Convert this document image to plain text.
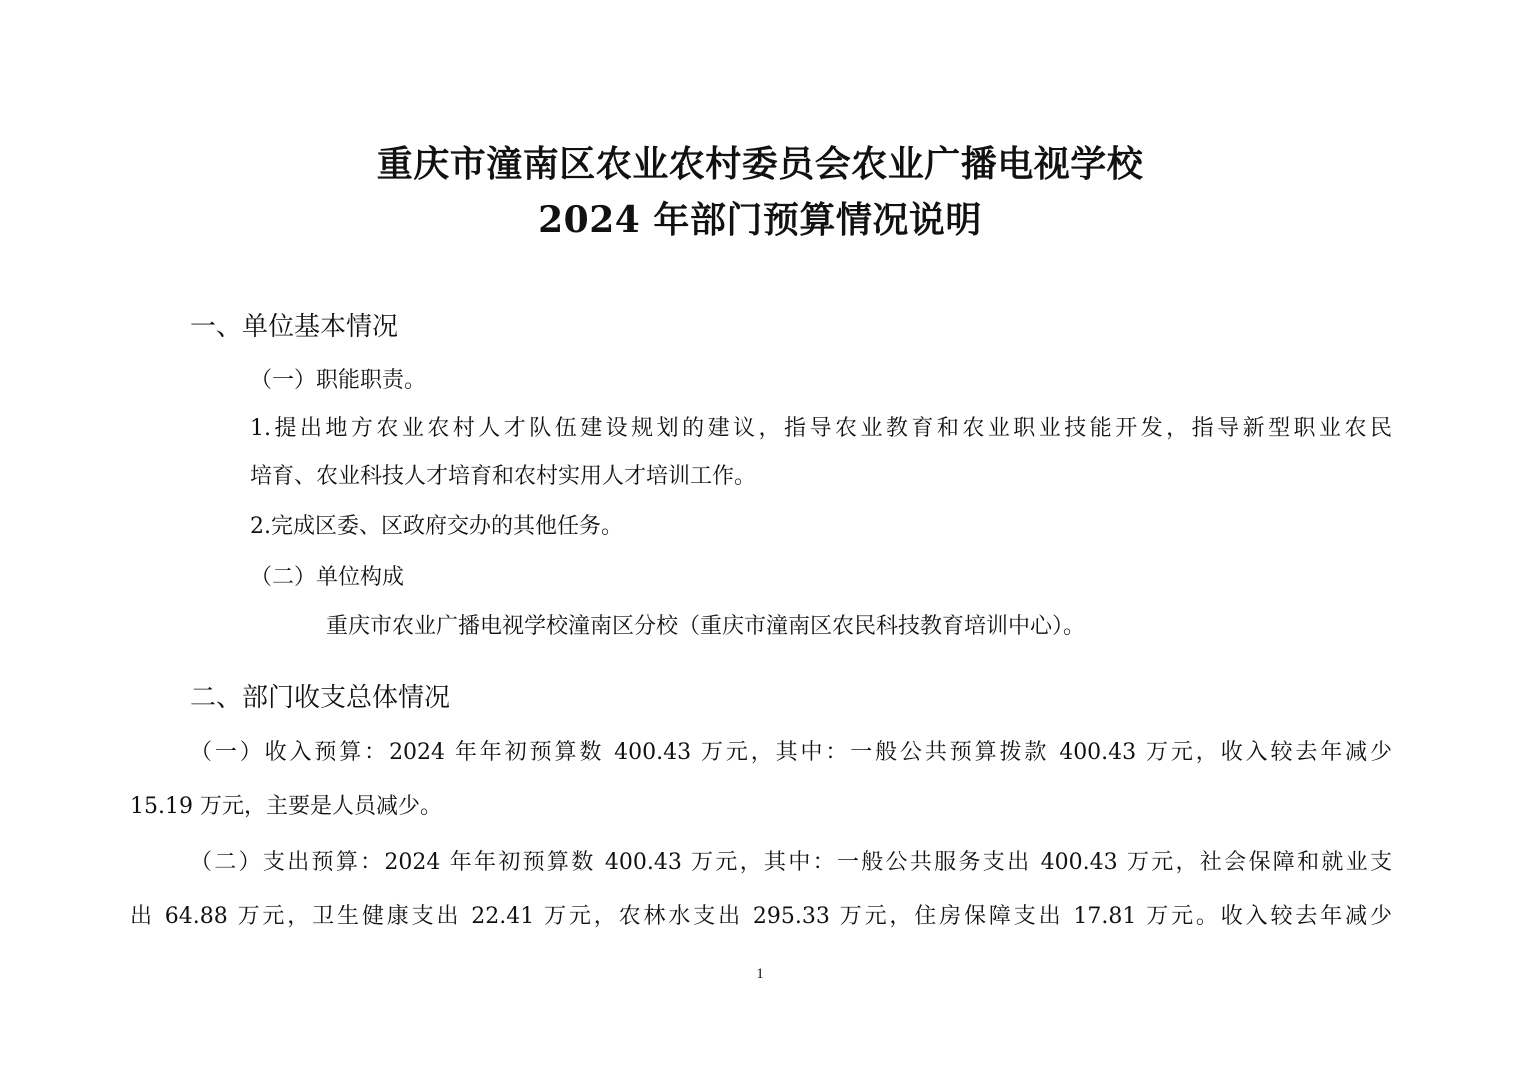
重庆市潼南区农业农村委员会农业广播电视学校
2024 年部门预算情况说明
一、单位基本情况
（一）职能职责。
1.提出地方农业农村人才队伍建设规划的建议，指导农业教育和农业职业技能开发，指导新型职业农民
培育、农业科技人才培育和农村实用人才培训工作。
2.完成区委、区政府交办的其他任务。
（二）单位构成
重庆市农业广播电视学校潼南区分校（重庆市潼南区农民科技教育培训中心）。
二、部门收支总体情况
（一）收入预算：2024 年年初预算数 400.43 万元，其中：一般公共预算拨款 400.43 万元，收入较去年减少
15.19 万元，主要是人员减少。
（二）支出预算：2024 年年初预算数 400.43 万元，其中：一般公共服务支出 400.43 万元，社会保障和就业支
出 64.88 万元，卫生健康支出 22.41 万元，农林水支出 295.33 万元，住房保障支出 17.81 万元。收入较去年减少
1
